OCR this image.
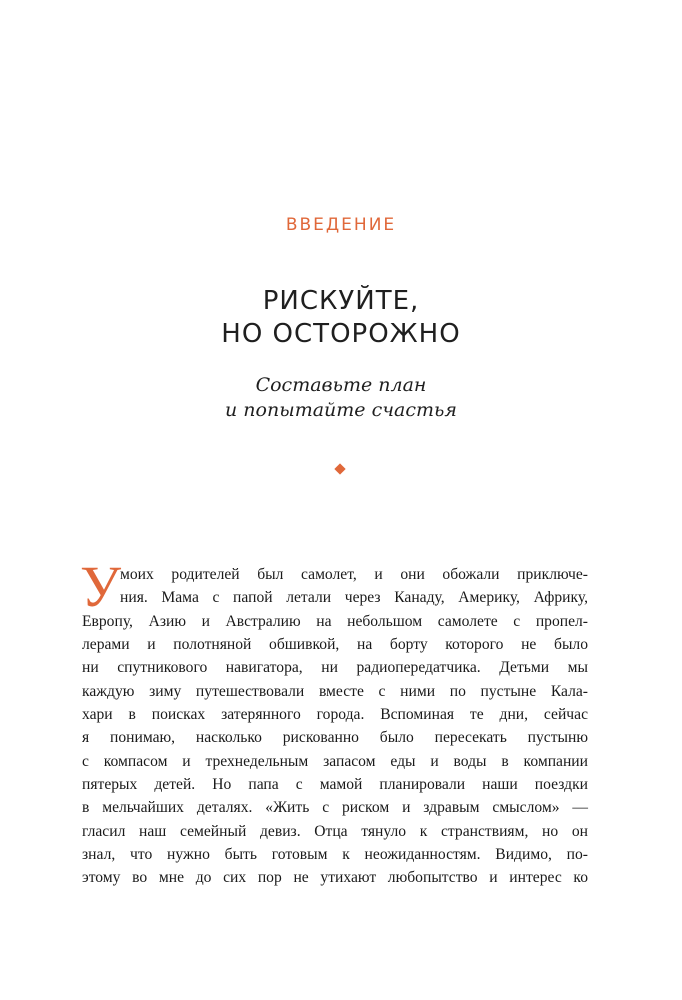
ВВЕДЕНИЕ
РИСКУЙТЕ,
НО ОСТОРОЖНО
Составьте план
и попытайте счастья
У
моих родителей был самолет, и они обожали приключе-
ния. Мама с папой летали через Канаду, Америку, Африку,
Европу, Азию и Австралию на небольшом самолете с пропел-
лерами и полотняной обшивкой, на борту которого не было
ни спутникового навигатора, ни радиопередатчика. Детьми мы
каждую зиму путешествовали вместе с ними по пустыне Кала-
хари в поисках затерянного города. Вспоминая те дни, сейчас
я понимаю, насколько рискованно было пересекать пустыню
с компасом и трехнедельным запасом еды и воды в компании
пятерых детей. Но папа с мамой планировали наши поездки
в мельчайших деталях. «Жить с риском и здравым смыслом» —
гласил наш семейный девиз. Отца тянуло к странствиям, но он
знал, что нужно быть готовым к неожиданностям. Видимо, по-
этому во мне до сих пор не утихают любопытство и интерес ко
